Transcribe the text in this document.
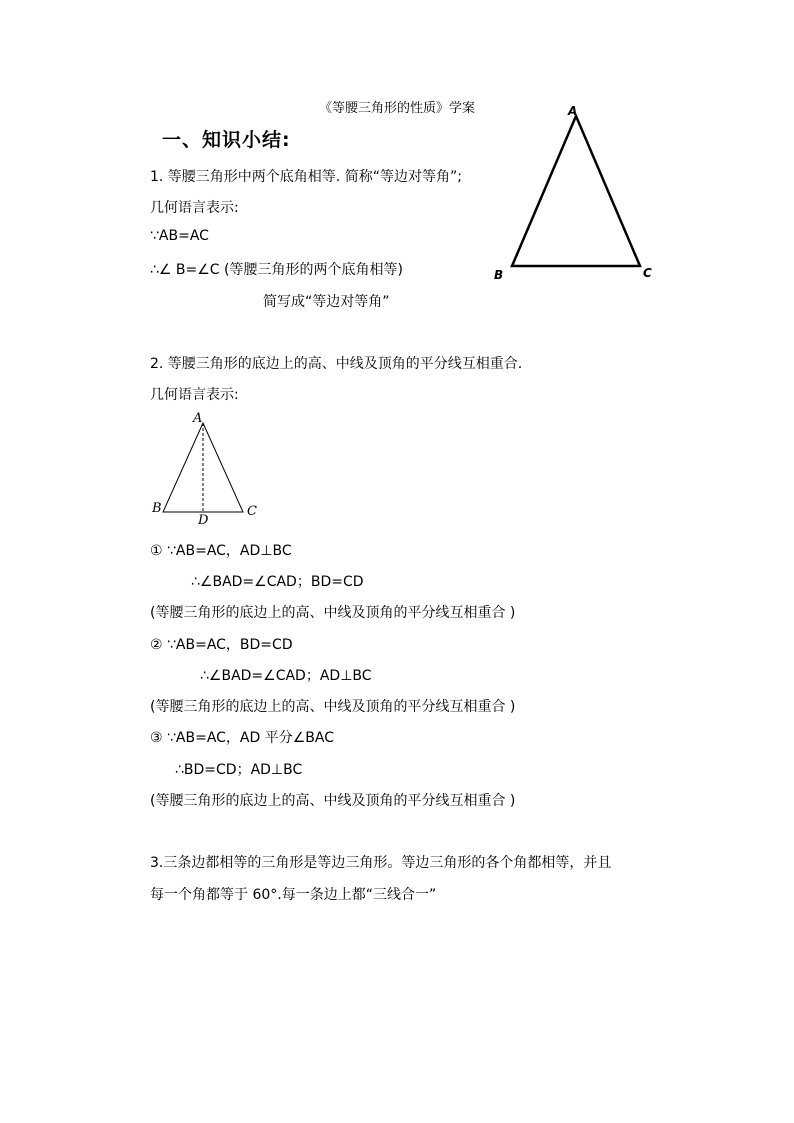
《等腰三角形的性质》学案
一、知识小结:
1. 等腰三角形中两个底角相等. 简称“等边对等角”;
几何语言表示:
∵AB=AC
∴∠ B=∠C (等腰三角形的两个底角相等)
简写成“等边对等角”
A
B	C
2. 等腰三角形的底边上的高、中线及顶角的平分线互相重合.
几何语言表示:
A
B	C
D
① ∵AB=AC，AD⊥BC
∴∠BAD=∠CAD；BD=CD
(等腰三角形的底边上的高、中线及顶角的平分线互相重合 )
② ∵AB=AC，BD=CD
∴∠BAD=∠CAD；AD⊥BC
(等腰三角形的底边上的高、中线及顶角的平分线互相重合 )
③ ∵AB=AC，AD 平分∠BAC
∴BD=CD；AD⊥BC
(等腰三角形的底边上的高、中线及顶角的平分线互相重合 )
3.三条边都相等的三角形是等边三角形。等边三角形的各个角都相等，并且
每一个角都等于 60°.每一条边上都“三线合一”
